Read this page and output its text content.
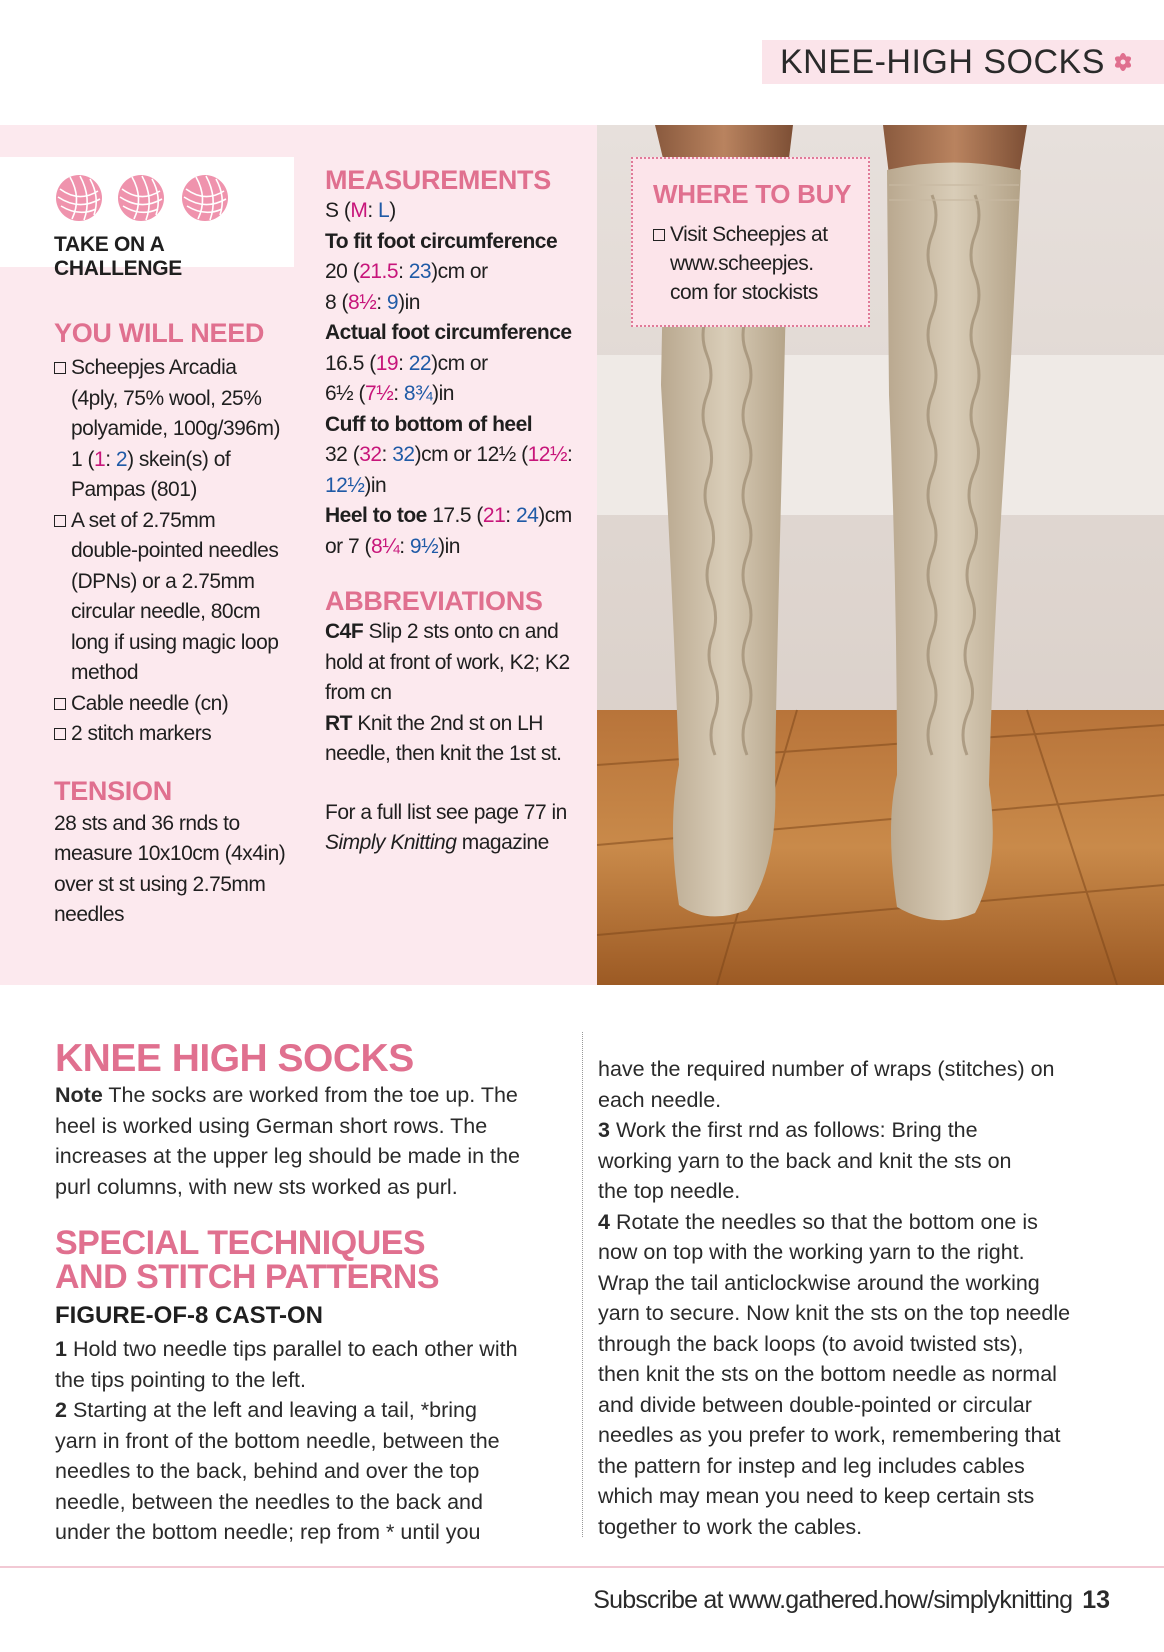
KNEE-HIGH SOCKS
TAKE ON A CHALLENGE
YOU WILL NEED
Scheepjes Arcadia
(4ply, 75% wool, 25%
polyamide, 100g/396m)
1 (1: 2) skein(s) of
Pampas (801)
A set of 2.75mm
double-pointed needles
(DPNs) or a 2.75mm
circular needle, 80cm
long if using magic loop
method
Cable needle (cn)
2 stitch markers
TENSION
28 sts and 36 rnds to
measure 10x10cm (4x4in)
over st st using 2.75mm
needles
MEASUREMENTS
S (M: L)
To fit foot circumference
20 (21.5: 23)cm or
8 (8½: 9)in
Actual foot circumference
16.5 (19: 22)cm or
6½ (7½: 8¾)in
Cuff to bottom of heel
32 (32: 32)cm or 12½ (12½:
12½)in
Heel to toe 17.5 (21: 24)cm
or 7 (8¼: 9½)in
ABBREVIATIONS
C4F Slip 2 sts onto cn and
hold at front of work, K2; K2
from cn
RT Knit the 2nd st on LH
needle, then knit the 1st st.
For a full list see page 77 in
Simply Knitting magazine
WHERE TO BUY
Visit Scheepjes at
www.scheepjes.
com for stockists
KNEE HIGH SOCKS
Note The socks are worked from the toe up. The
heel is worked using German short rows. The
increases at the upper leg should be made in the
purl columns, with new sts worked as purl.
SPECIAL TECHNIQUES
AND STITCH PATTERNS
FIGURE-OF-8 CAST-ON
1 Hold two needle tips parallel to each other with
the tips pointing to the left.
2 Starting at the left and leaving a tail, *bring
yarn in front of the bottom needle, between the
needles to the back, behind and over the top
needle, between the needles to the back and
under the bottom needle; rep from * until you
have the required number of wraps (stitches) on
each needle.
3 Work the first rnd as follows: Bring the
working yarn to the back and knit the sts on
the top needle.
4 Rotate the needles so that the bottom one is
now on top with the working yarn to the right.
Wrap the tail anticlockwise around the working
yarn to secure. Now knit the sts on the top needle
through the back loops (to avoid twisted sts),
then knit the sts on the bottom needle as normal
and divide between double-pointed or circular
needles as you prefer to work, remembering that
the pattern for instep and leg includes cables
which may mean you need to keep certain sts
together to work the cables.
Subscribe at www.gathered.how/simplyknitting 13
